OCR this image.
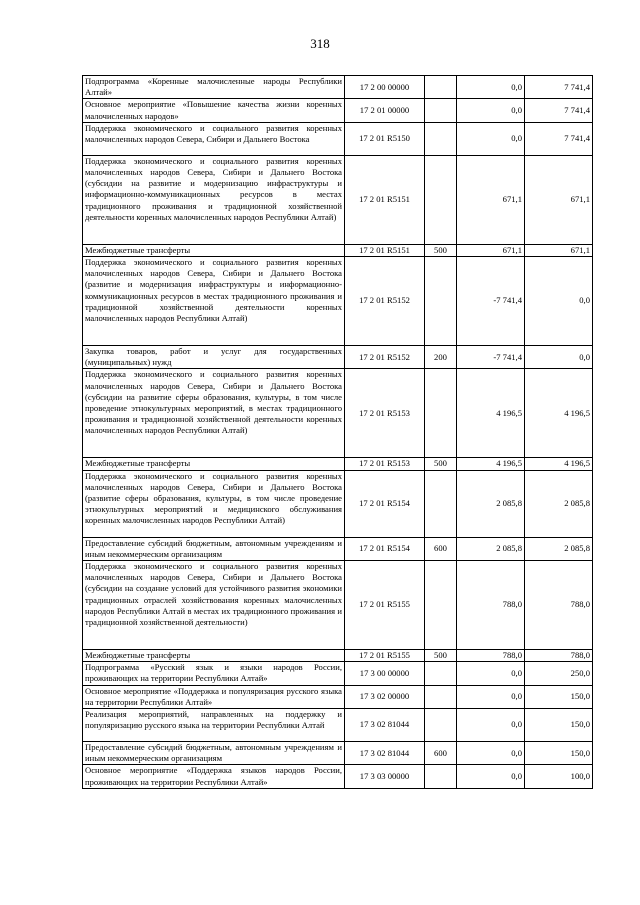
318
Подпрограмма «Коренные малочисленные народы Республики Алтай»	17 2 00 00000		0,0	7 741,4
Основное мероприятие «Повышение качества жизни коренных малочисленных народов»	17 2 01 00000		0,0	7 741,4
Поддержка экономического и социального развития коренных малочисленных народов Севера, Сибири и Дальнего Востока	17 2 01 R5150		0,0	7 741,4
Поддержка экономического и социального развития коренных малочисленных народов Севера, Сибири и Дальнего Востока (субсидии на развитие и модернизацию инфраструктуры и информационно-коммуникационных ресурсов в местах традиционного проживания и традиционной хозяйственной деятельности коренных малочисленных народов Республики Алтай)	17 2 01 R5151		671,1	671,1
Межбюджетные трансферты	17 2 01 R5151	500	671,1	671,1
Поддержка экономического и социального развития коренных малочисленных народов Севера, Сибири и Дальнего Востока (развитие и модернизация инфраструктуры и информационно-коммуникационных ресурсов в местах традиционного проживания и традиционной хозяйственной деятельности коренных малочисленных народов Республики Алтай)	17 2 01 R5152		-7 741,4	0,0
Закупка товаров, работ и услуг для государственных (муниципальных) нужд	17 2 01 R5152	200	-7 741,4	0,0
Поддержка экономического и социального развития коренных малочисленных народов Севера, Сибири и Дальнего Востока (субсидии на развитие сферы образования, культуры, в том числе проведение этнокультурных мероприятий, в местах традиционного проживания и традиционной хозяйственной деятельности коренных малочисленных народов Республики Алтай)	17 2 01 R5153		4 196,5	4 196,5
Межбюджетные трансферты	17 2 01 R5153	500	4 196,5	4 196,5
Поддержка экономического и социального развития коренных малочисленных народов Севера, Сибири и Дальнего Востока (развитие сферы образования, культуры, в том числе проведение этнокультурных мероприятий и медицинского обслуживания коренных малочисленных народов Республики Алтай)	17 2 01 R5154		2 085,8	2 085,8
Предоставление субсидий бюджетным, автономным учреждениям и иным некоммерческим организациям	17 2 01 R5154	600	2 085,8	2 085,8
Поддержка экономического и социального развития коренных малочисленных народов Севера, Сибири и Дальнего Востока (субсидии на создание условий для устойчивого развития экономики традиционных отраслей хозяйствования коренных малочисленных народов Республики Алтай в местах их традиционного проживания и традиционной хозяйственной деятельности)	17 2 01 R5155		788,0	788,0
Межбюджетные трансферты	17 2 01 R5155	500	788,0	788,0
Подпрограмма «Русский язык и языки народов России, проживающих на территории Республики Алтай»	17 3 00 00000		0,0	250,0
Основное мероприятие «Поддержка и популяризация русского языка на территории Республики Алтай»	17 3 02 00000		0,0	150,0
Реализация мероприятий, направленных на поддержку и популяризацию русского языка на территории Республики Алтай	17 3 02 81044		0,0	150,0
Предоставление субсидий бюджетным, автономным учреждениям и иным некоммерческим организациям	17 3 02 81044	600	0,0	150,0
Основное мероприятие «Поддержка языков народов России, проживающих на территории Республики Алтай»	17 3 03 00000		0,0	100,0
